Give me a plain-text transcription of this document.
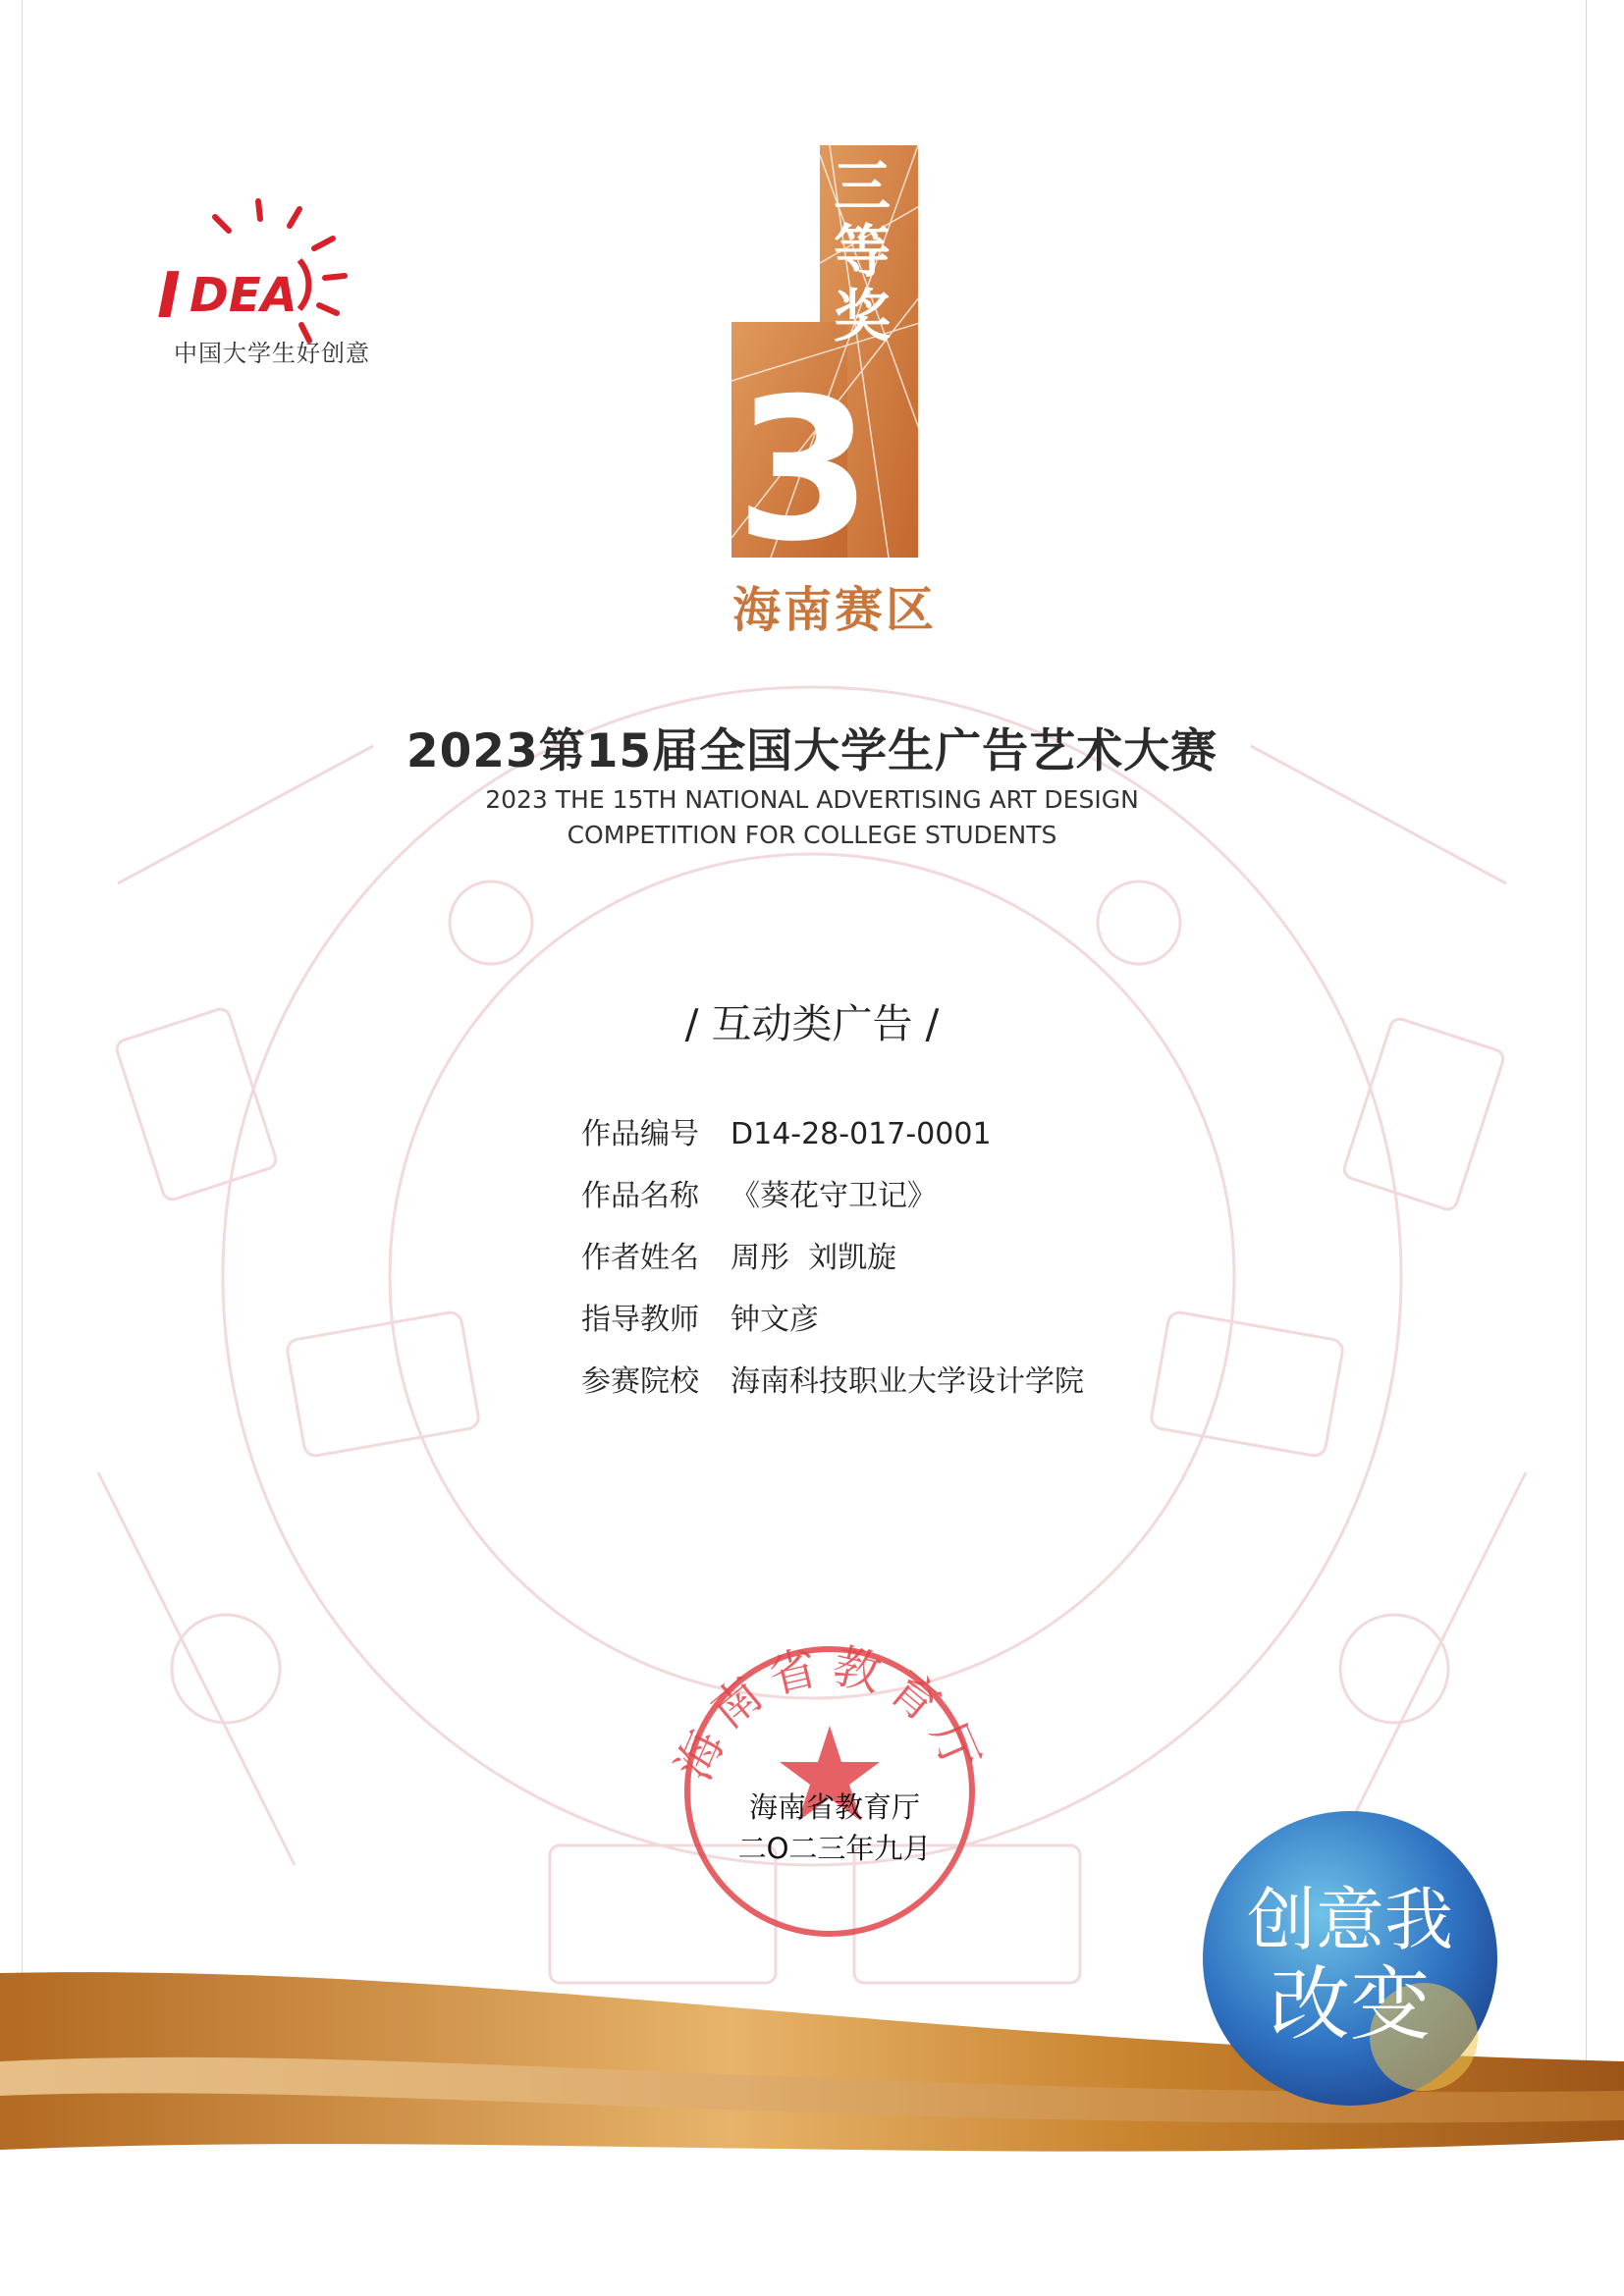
I DEA
中国大学生好创意
三
等
奖
3
海南赛区
2023第15届全国大学生广告艺术大赛
2023 THE 15TH NATIONAL ADVERTISING ART DESIGN
COMPETITION FOR COLLEGE STUDENTS
/ 互动类广告 /
作品编号 D14-28-017-0001
作品名称 《葵花守卫记》
作者姓名 周彤  刘凯旋
指导教师 钟文彦
参赛院校 海南科技职业大学设计学院
创意我
改变
海南省教育厅
海南省教育厅
二O二三年九月
